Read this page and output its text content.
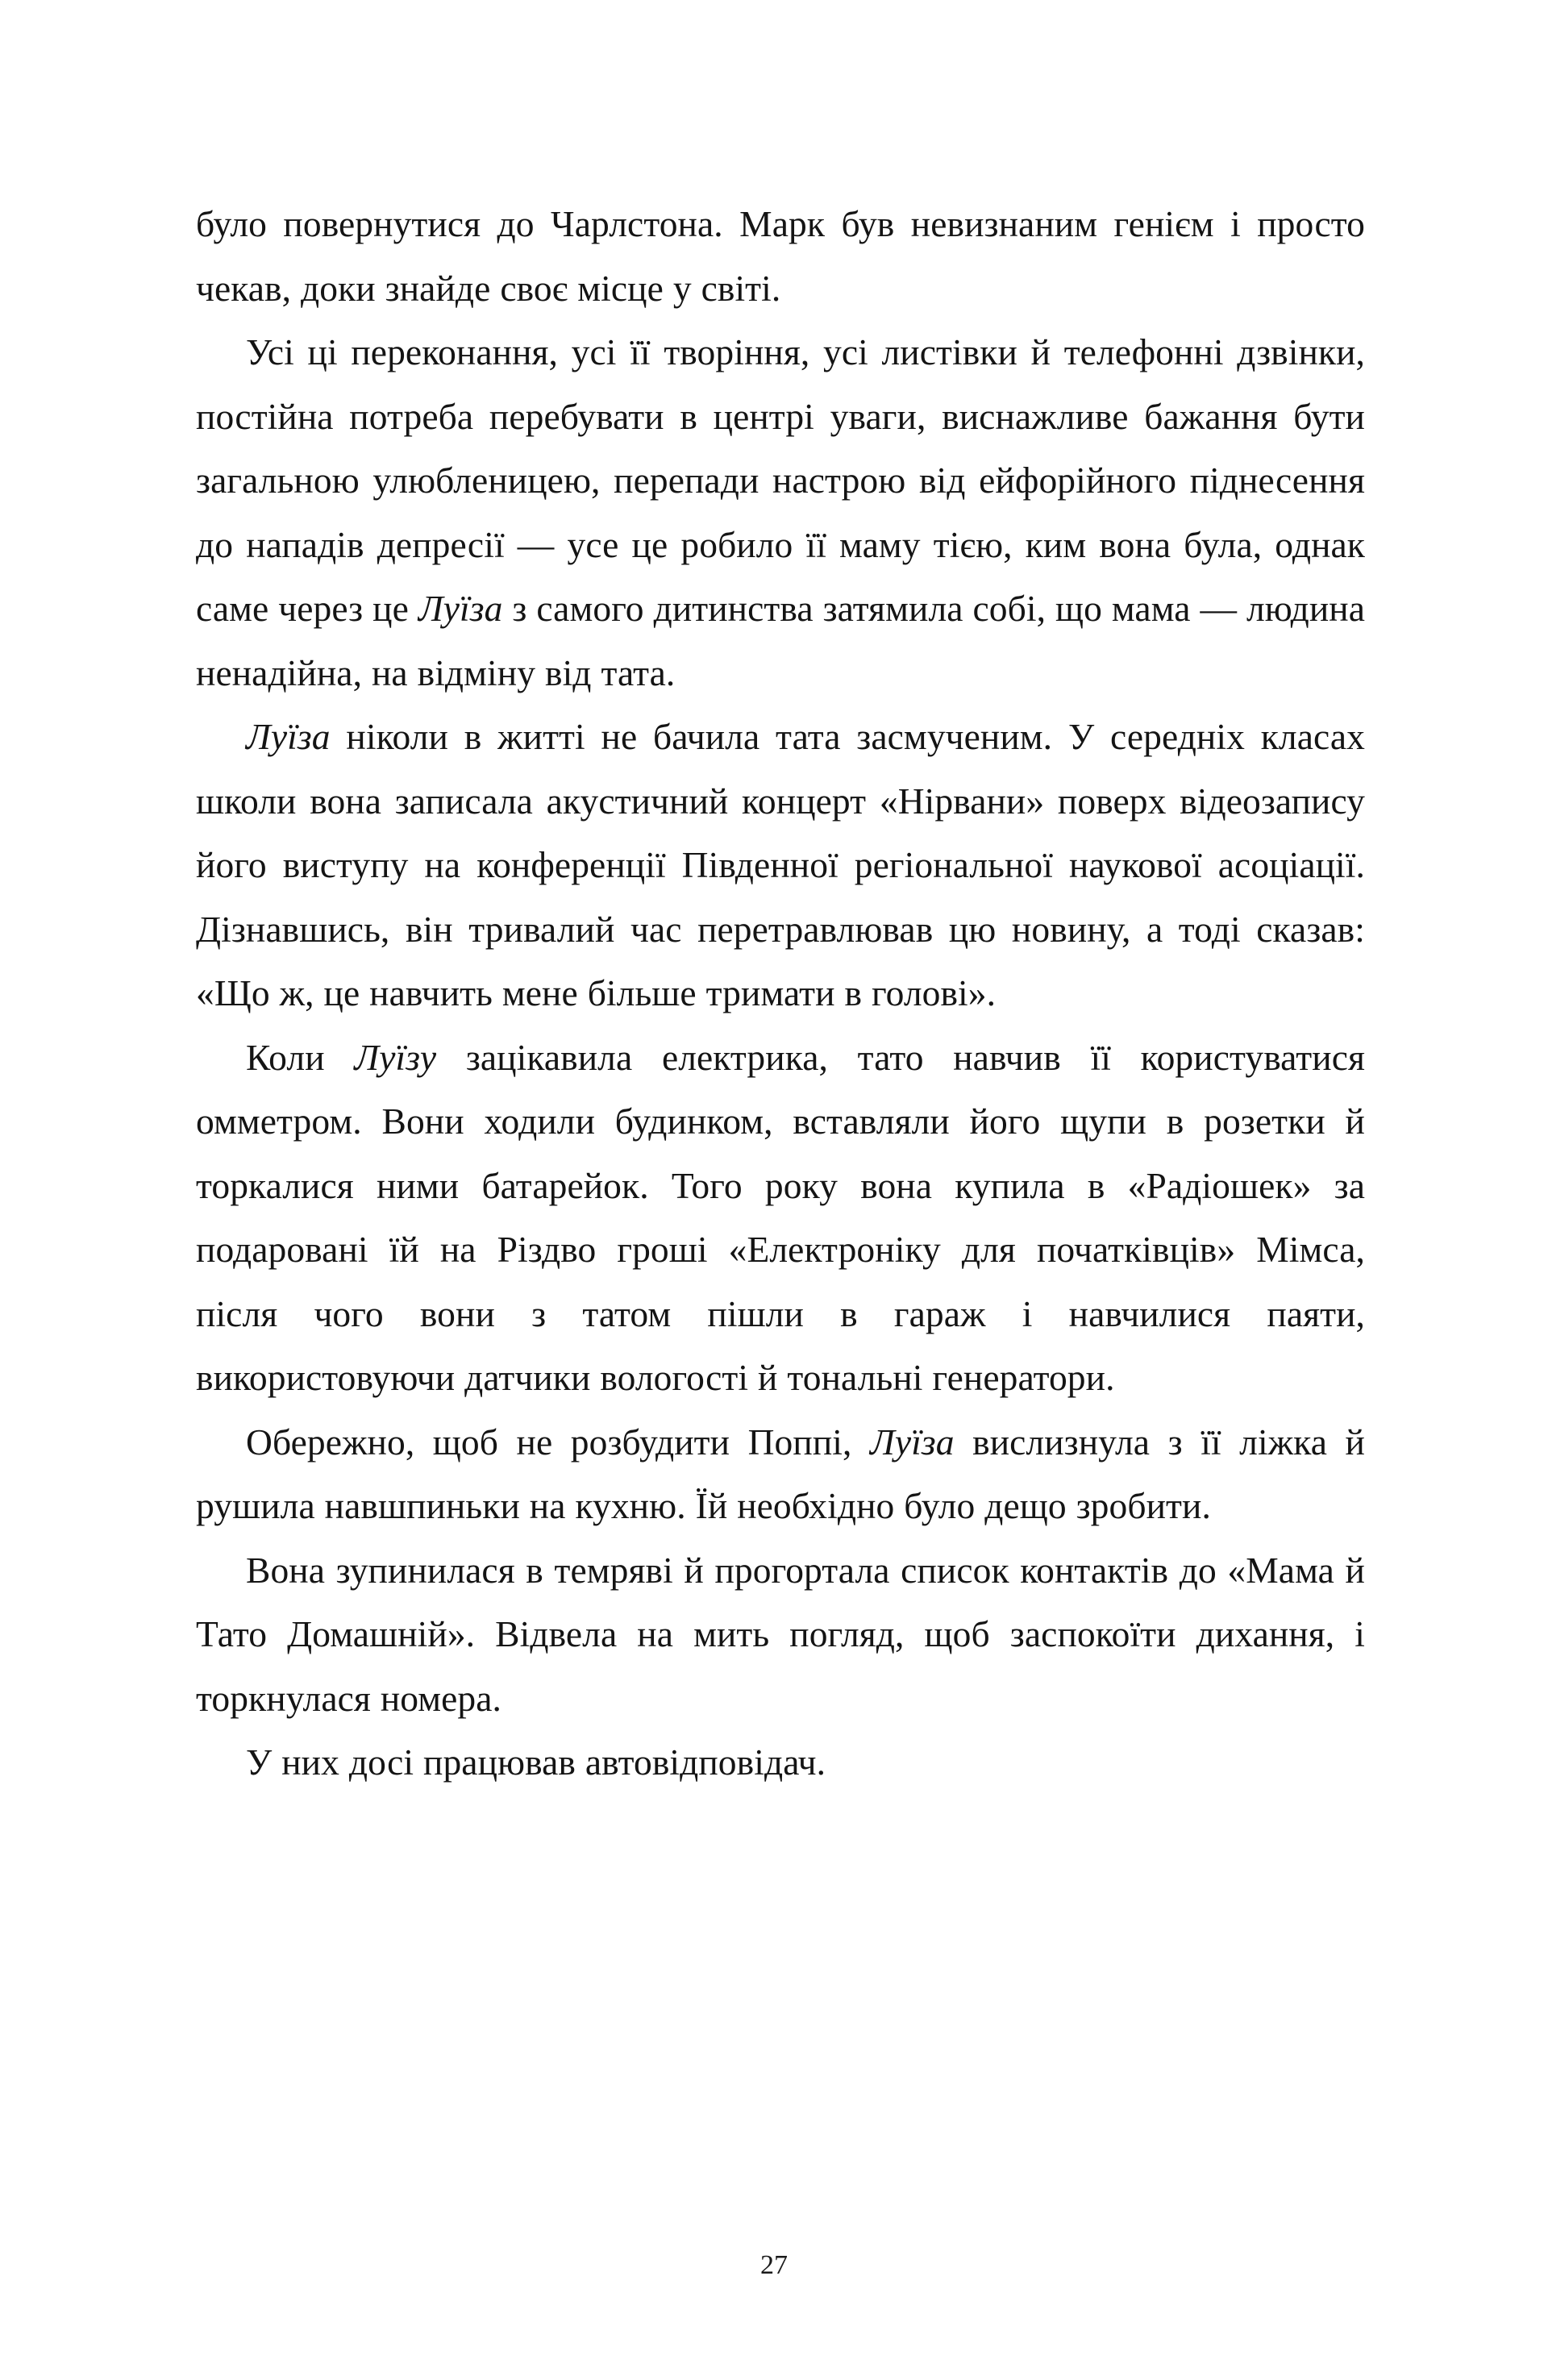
було повернутися до Чарлстона. Марк був невизнаним генієм і просто чекав, доки знайде своє місце у світі.

Усі ці переконання, усі її творіння, усі листівки й телефонні дзвінки, постійна потреба перебувати в центрі уваги, виснажливе бажання бути загальною улюбленицею, перепади настрою від ейфорійного піднесення до нападів депресії — усе це робило її маму тією, ким вона була, однак саме через це Луїза з самого дитинства затямила собі, що мама — людина ненадійна, на відміну від тата.

Луїза ніколи в житті не бачила тата засмученим. У середніх класах школи вона записала акустичний концерт «Нірвани» поверх відеозапису його виступу на конференції Південної регіональної наукової асоціації. Дізнавшись, він тривалий час перетравлював цю новину, а тоді сказав: «Що ж, це навчить мене більше тримати в голові».

Коли Луїзу зацікавила електрика, тато навчив її користуватися омметром. Вони ходили будинком, вставляли його щупи в розетки й торкалися ними батарейок. Того року вона купила в «Радіошек» за подаровані їй на Різдво гроші «Електроніку для початківців» Мімса, після чого вони з татом пішли в гараж і навчилися паяти, використовуючи датчики вологості й тональні генератори.

Обережно, щоб не розбудити Поппі, Луїза вислизнула з її ліжка й рушила навшпиньки на кухню. Їй необхідно було дещо зробити.

Вона зупинилася в темряві й прогортала список контактів до «Мама й Тато Домашній». Відвела на мить погляд, щоб заспокоїти дихання, і торкнулася номера.

У них досі працював автовідповідач.

27
